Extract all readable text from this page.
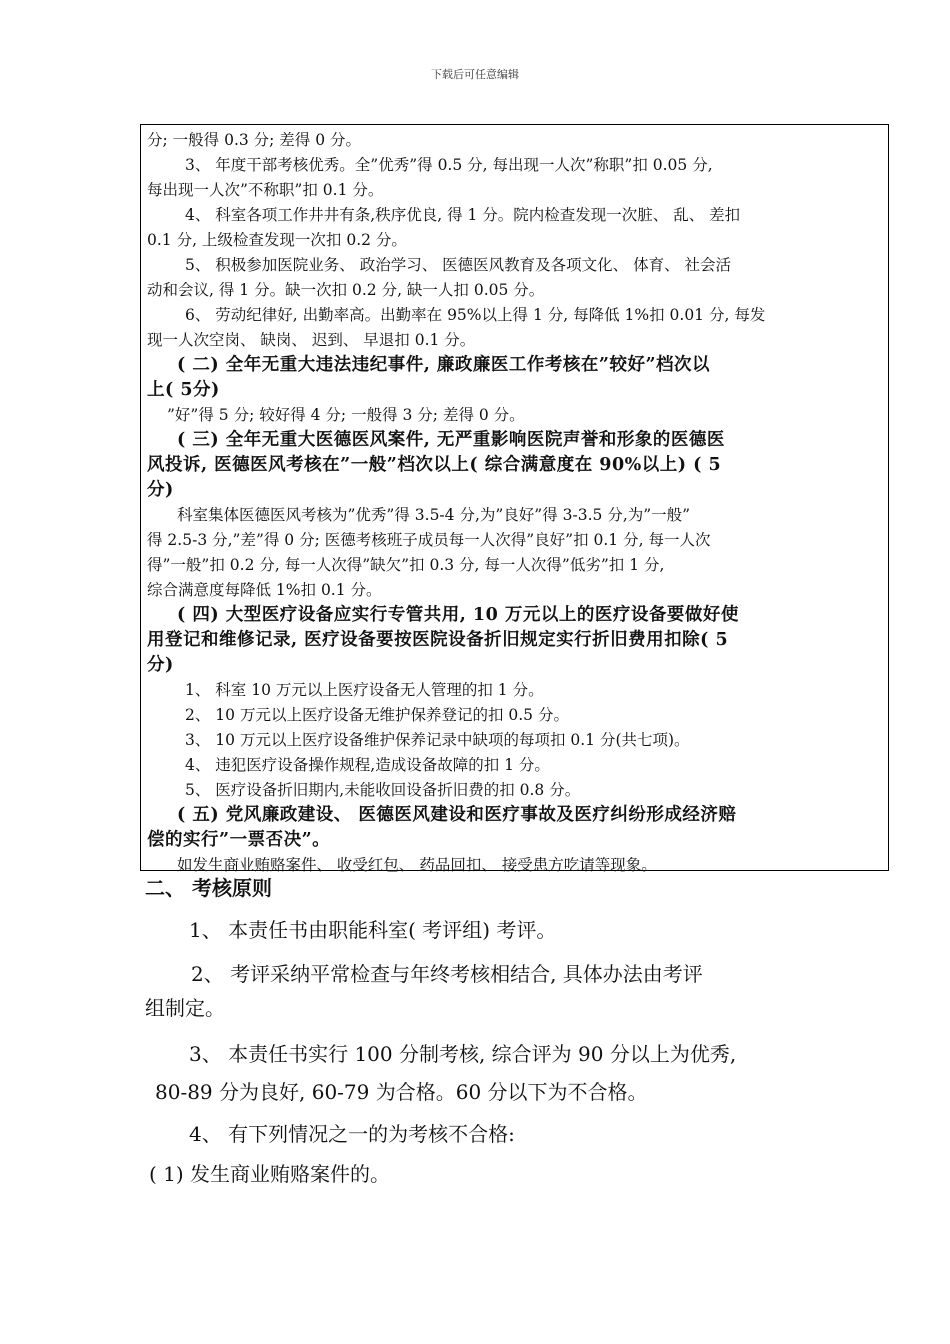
下载后可任意编辑
分; 一般得 0.3 分; 差得 0 分。
3、 年度干部考核优秀。全”优秀”得 0.5 分, 每出现一人次”称职”扣 0.05 分,
每出现一人次”不称职”扣 0.1 分。
4、 科室各项工作井井有条,秩序优良, 得 1 分。院内检查发现一次脏、 乱、 差扣
0.1 分, 上级检查发现一次扣 0.2 分。
5、 积极参加医院业务、 政治学习、 医德医风教育及各项文化、 体育、 社会活
动和会议, 得 1 分。缺一次扣 0.2 分, 缺一人扣 0.05 分。
6、 劳动纪律好, 出勤率高。出勤率在 95%以上得 1 分, 每降低 1%扣 0.01 分, 每发
现一人次空岗、 缺岗、 迟到、 早退扣 0.1 分。
( 二) 全年无重大违法违纪事件, 廉政廉医工作考核在”较好”档次以
上( 5分)
”好”得 5 分; 较好得 4 分; 一般得 3 分; 差得 0 分。
( 三) 全年无重大医德医风案件, 无严重影响医院声誉和形象的医德医
风投诉, 医德医风考核在”一般”档次以上( 综合满意度在 90%以上) ( 5
分)
科室集体医德医风考核为”优秀”得 3.5-4 分,为”良好”得 3-3.5 分,为”一般”
得 2.5-3 分,”差”得 0 分; 医德考核班子成员每一人次得”良好”扣 0.1 分, 每一人次
得”一般”扣 0.2 分, 每一人次得”缺欠”扣 0.3 分, 每一人次得”低劣”扣 1 分,
综合满意度每降低 1%扣 0.1 分。
( 四) 大型医疗设备应实行专管共用, 10 万元以上的医疗设备要做好使
用登记和维修记录, 医疗设备要按医院设备折旧规定实行折旧费用扣除( 5
分)
1、 科室 10 万元以上医疗设备无人管理的扣 1 分。
2、 10 万元以上医疗设备无维护保养登记的扣 0.5 分。
3、 10 万元以上医疗设备维护保养记录中缺项的每项扣 0.1 分(共七项)。
4、 违犯医疗设备操作规程,造成设备故障的扣 1 分。
5、 医疗设备折旧期内,未能收回设备折旧费的扣 0.8 分。
( 五) 党风廉政建设、 医德医风建设和医疗事故及医疗纠纷形成经济赔
偿的实行”一票否决”。
如发生商业贿赂案件、 收受红包、 药品回扣、 接受患方吃请等现象。
二、 考核原则
1、 本责任书由职能科室( 考评组) 考评。
2、 考评采纳平常检查与年终考核相结合, 具体办法由考评
组制定。
3、 本责任书实行 100 分制考核, 综合评为 90 分以上为优秀,
80-89 分为良好, 60-79 为合格。60 分以下为不合格。
4、 有下列情况之一的为考核不合格:
( 1) 发生商业贿赂案件的。
